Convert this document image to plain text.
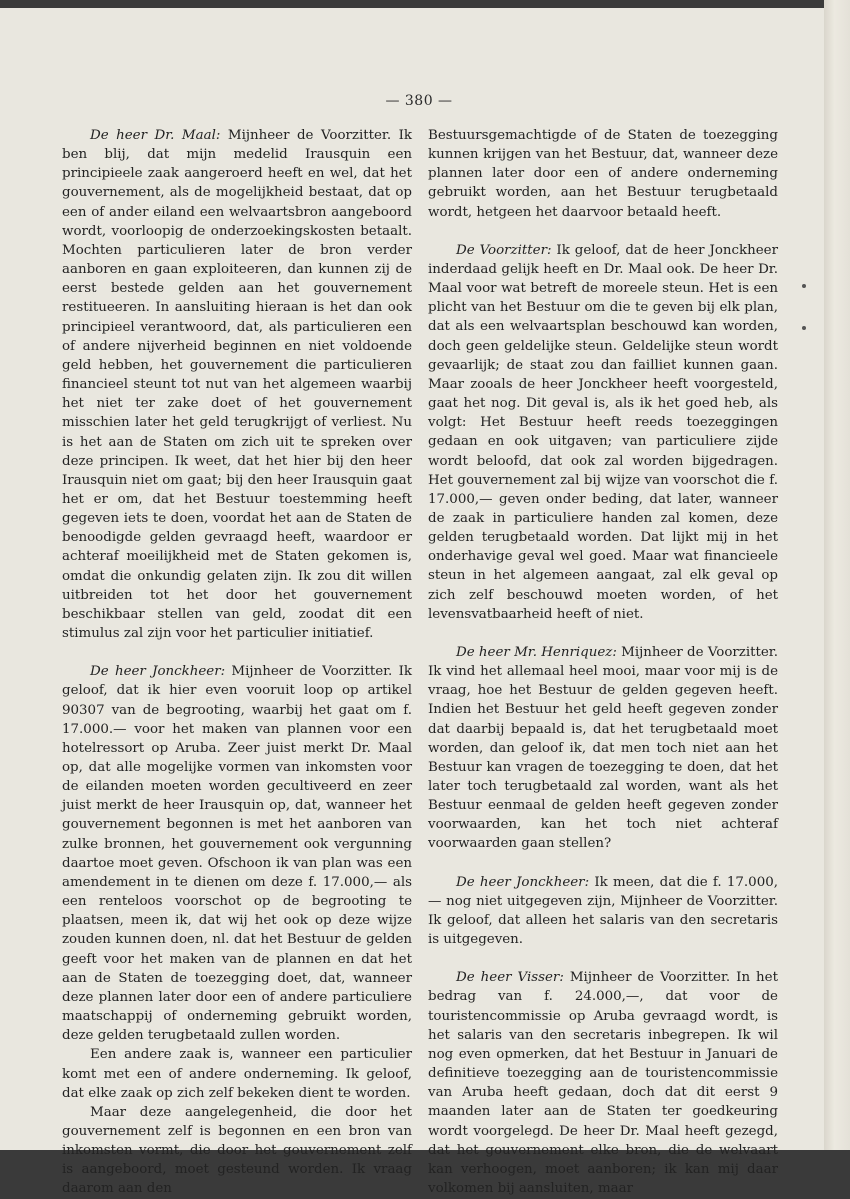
— 380 —

De heer Dr. Maal: Mijnheer de Voorzitter. Ik ben blij, dat mijn medelid Irausquin een principieele zaak aangeroerd heeft en wel, dat het gouvernement, als de mogelijkheid bestaat, dat op een of ander eiland een welvaartsbron aangeboord wordt, voorloopig de onderzoekingskosten betaalt. Mochten particulieren later de bron verder aanboren en gaan exploiteeren, dan kunnen zij de eerst bestede gelden aan het gouvernement restitueeren. In aansluiting hieraan is het dan ook principieel verantwoord, dat, als particulieren een of andere nijverheid beginnen en niet voldoende geld hebben, het gouvernement die particulieren financieel steunt tot nut van het algemeen waarbij het niet ter zake doet of het gouvernement misschien later het geld terugkrijgt of verliest. Nu is het aan de Staten om zich uit te spreken over deze principen. Ik weet, dat het hier bij den heer Irausquin niet om gaat; bij den heer Irausquin gaat het er om, dat het Bestuur toestemming heeft gegeven iets te doen, voordat het aan de Staten de benoodigde gelden gevraagd heeft, waardoor er achteraf moeilijkheid met de Staten gekomen is, omdat die onkundig gelaten zijn. Ik zou dit willen uitbreiden tot het door het gouvernement beschikbaar stellen van geld, zoodat dit een stimulus zal zijn voor het particulier initiatief.

De heer Jonckheer: Mijnheer de Voorzitter. Ik geloof, dat ik hier even vooruit loop op artikel 90307 van de begrooting, waarbij het gaat om f. 17.000.— voor het maken van plannen voor een hotelressort op Aruba. Zeer juist merkt Dr. Maal op, dat alle mogelijke vormen van inkomsten voor de eilanden moeten worden gecultiveerd en zeer juist merkt de heer Irausquin op, dat, wanneer het gouvernement begonnen is met het aanboren van zulke bronnen, het gouvernement ook vergunning daartoe moet geven. Ofschoon ik van plan was een amendement in te dienen om deze f. 17.000,— als een renteloos voorschot op de begrooting te plaatsen, meen ik, dat wij het ook op deze wijze zouden kunnen doen, nl. dat het Bestuur de gelden geeft voor het maken van de plannen en dat het aan de Staten de toezegging doet, dat, wanneer deze plannen later door een of andere particuliere maatschappij of onderneming gebruikt worden, deze gelden terugbetaald zullen worden.

Een andere zaak is, wanneer een particulier komt met een of andere onderneming. Ik geloof, dat elke zaak op zich zelf bekeken dient te worden.

Maar deze aangelegenheid, die door het gouvernement zelf is begonnen en een bron van inkomsten vormt, die door het gouvernement zelf is aangeboord, moet gesteund worden. Ik vraag daarom aan den

Bestuursgemachtigde of de Staten de toezegging kunnen krijgen van het Bestuur, dat, wanneer deze plannen later door een of andere onderneming gebruikt worden, aan het Bestuur terugbetaald wordt, hetgeen het daarvoor betaald heeft.

De Voorzitter: Ik geloof, dat de heer Jonckheer inderdaad gelijk heeft en Dr. Maal ook. De heer Dr. Maal voor wat betreft de moreele steun. Het is een plicht van het Bestuur om die te geven bij elk plan, dat als een welvaartsplan beschouwd kan worden, doch geen geldelijke steun. Geldelijke steun wordt gevaarlijk; de staat zou dan failliet kunnen gaan. Maar zooals de heer Jonckheer heeft voorgesteld, gaat het nog. Dit geval is, als ik het goed heb, als volgt: Het Bestuur heeft reeds toezeggingen gedaan en ook uitgaven; van particuliere zijde wordt beloofd, dat ook zal worden bijgedragen. Het gouvernement zal bij wijze van voorschot die f. 17.000,— geven onder beding, dat later, wanneer de zaak in particuliere handen zal komen, deze gelden terugbetaald worden. Dat lijkt mij in het onderhavige geval wel goed. Maar wat financieele steun in het algemeen aangaat, zal elk geval op zich zelf beschouwd moeten worden, of het levensvatbaarheid heeft of niet.

De heer Mr. Henriquez: Mijnheer de Voorzitter. Ik vind het allemaal heel mooi, maar voor mij is de vraag, hoe het Bestuur de gelden gegeven heeft. Indien het Bestuur het geld heeft gegeven zonder dat daarbij bepaald is, dat het terugbetaald moet worden, dan geloof ik, dat men toch niet aan het Bestuur kan vragen de toezegging te doen, dat het later toch terugbetaald zal worden, want als het Bestuur eenmaal de gelden heeft gegeven zonder voorwaarden, kan het toch niet achteraf voorwaarden gaan stellen?

De heer Jonckheer: Ik meen, dat die f. 17.000,— nog niet uitgegeven zijn, Mijnheer de Voorzitter. Ik geloof, dat alleen het salaris van den secretaris is uitgegeven.

De heer Visser: Mijnheer de Voorzitter. In het bedrag van f. 24.000,—, dat voor de touristencommissie op Aruba gevraagd wordt, is het salaris van den secretaris inbegrepen. Ik wil nog even opmerken, dat het Bestuur in Januari de definitieve toezegging aan de touristencommissie van Aruba heeft gedaan, doch dat dit eerst 9 maanden later aan de Staten ter goedkeuring wordt voorgelegd. De heer Dr. Maal heeft gezegd, dat het gouvernement elke bron, die de welvaart kan verhoogen, moet aanboren; ik kan mij daar volkomen bij aansluiten, maar
